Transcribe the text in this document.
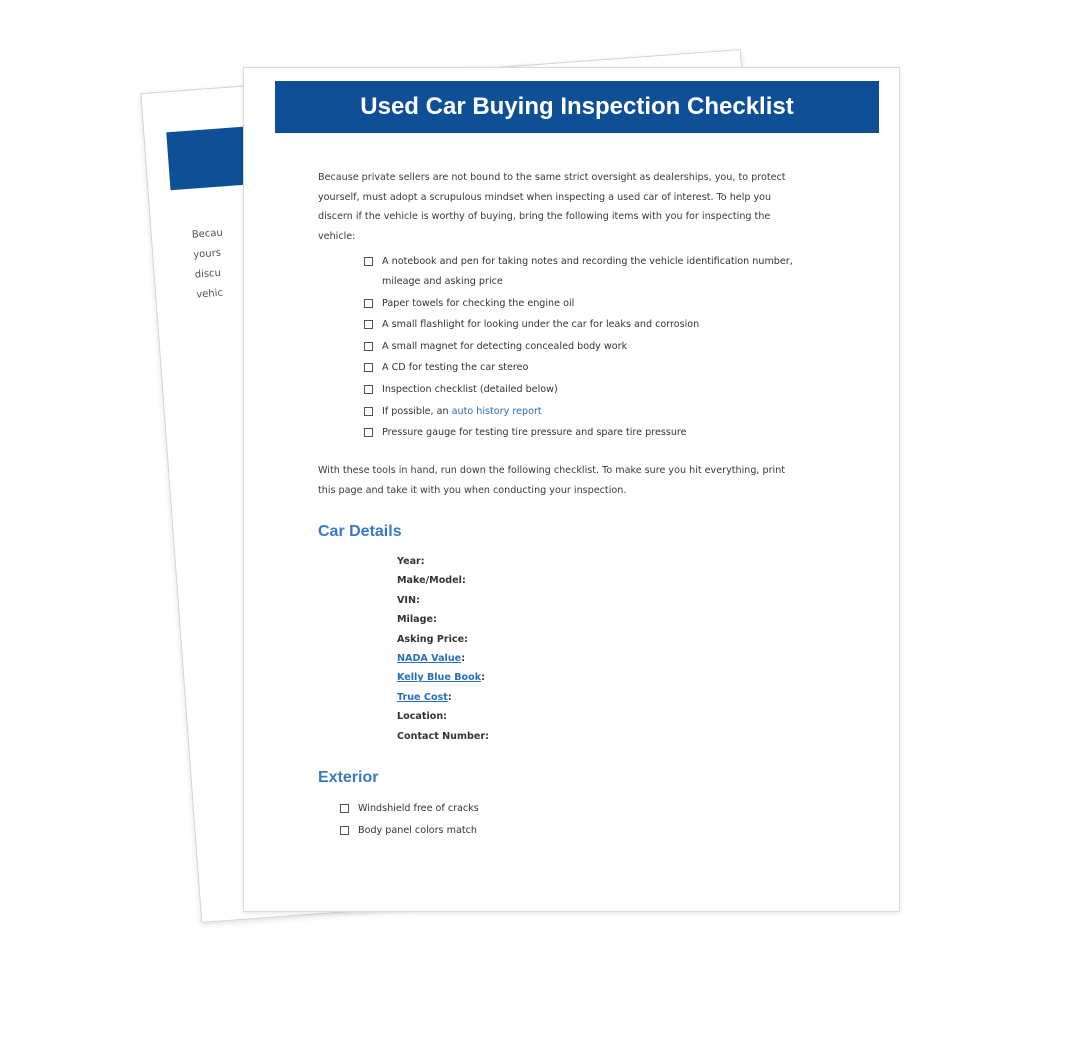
Becau
yours
discu
vehic
Used Car Buying Inspection Checklist
Because private sellers are not bound to the same strict oversight as dealerships, you, to protect
yourself, must adopt a scrupulous mindset when inspecting a used car of interest. To help you
discern if the vehicle is worthy of buying, bring the following items with you for inspecting the
vehicle:
A notebook and pen for taking notes and recording the vehicle identification number,
mileage and asking price
Paper towels for checking the engine oil
A small flashlight for looking under the car for leaks and corrosion
A small magnet for detecting concealed body work
A CD for testing the car stereo
Inspection checklist (detailed below)
If possible, an auto history report
Pressure gauge for testing tire pressure and spare tire pressure
With these tools in hand, run down the following checklist. To make sure you hit everything, print
this page and take it with you when conducting your inspection.
Car Details
Year:
Make/Model:
VIN:
Milage:
Asking Price:
NADA Value:
Kelly Blue Book:
True Cost:
Location:
Contact Number:
Exterior
Windshield free of cracks
Body panel colors match
